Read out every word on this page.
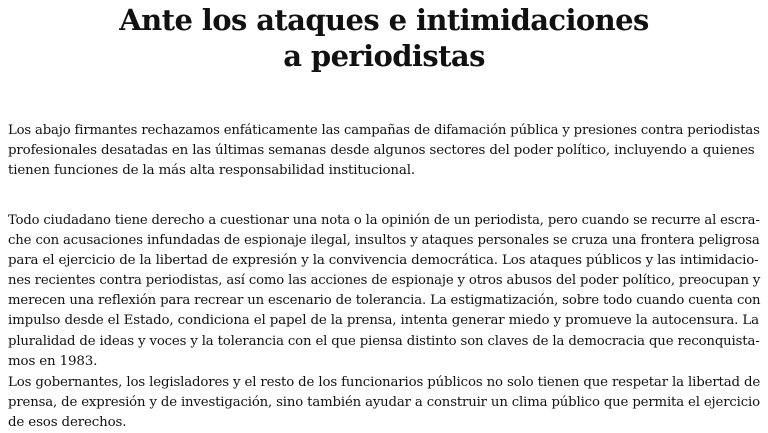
Ante los ataques e intimidaciones
a periodistas

Los abajo firmantes rechazamos enfáticamente las campañas de difamación pública y presiones contra periodistas
profesionales desatadas en las últimas semanas desde algunos sectores del poder político, incluyendo a quienes
tienen funciones de la más alta responsabilidad institucional.

Todo ciudadano tiene derecho a cuestionar una nota o la opinión de un periodista, pero cuando se recurre al escra-
che con acusaciones infundadas de espionaje ilegal, insultos y ataques personales se cruza una frontera peligrosa
para el ejercicio de la libertad de expresión y la convivencia democrática. Los ataques públicos y las intimidacio-
nes recientes contra periodistas, así como las acciones de espionaje y otros abusos del poder político, preocupan y
merecen una reflexión para recrear un escenario de tolerancia. La estigmatización, sobre todo cuando cuenta con
impulso desde el Estado, condiciona el papel de la prensa, intenta generar miedo y promueve la autocensura. La
pluralidad de ideas y voces y la tolerancia con el que piensa distinto son claves de la democracia que reconquista-
mos en 1983.

Los gobernantes, los legisladores y el resto de los funcionarios públicos no solo tienen que respetar la libertad de
prensa, de expresión y de investigación, sino también ayudar a construir un clima público que permita el ejercicio
de esos derechos.
